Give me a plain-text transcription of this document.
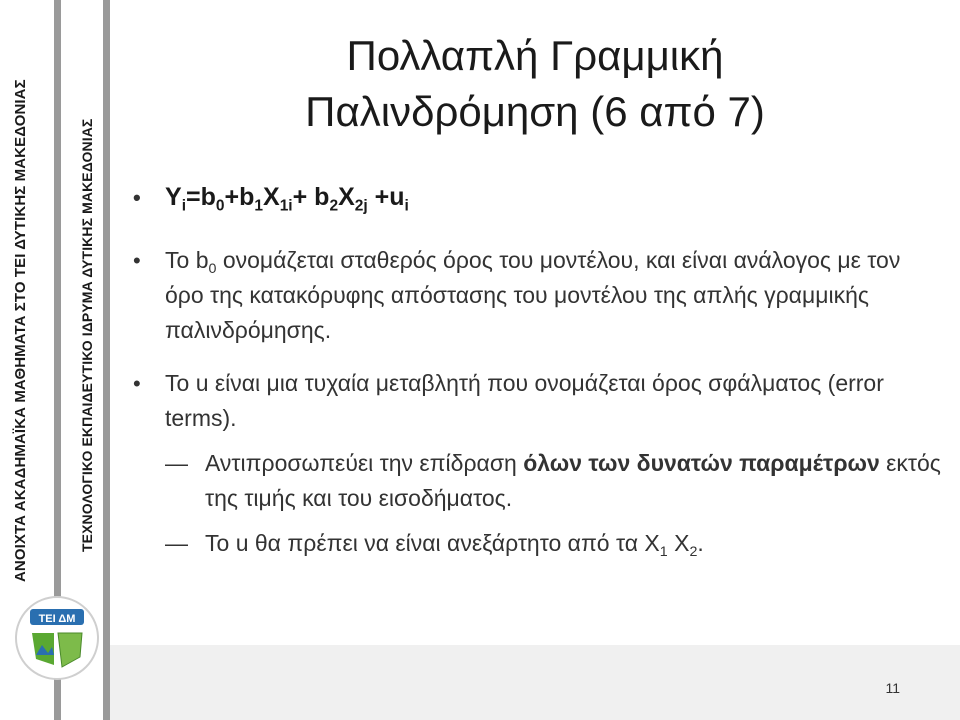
ΑΝΟΙΧΤΑ ΑΚΑΔΗΜΑΪΚΑ ΜΑΘΗΜΑΤΑ ΣΤΟ ΤΕΙ ΔΥΤΙΚΗΣ ΜΑΚΕΔΟΝΙΑΣ	ΤΕΧΝΟΛΟΓΙΚΟ ΕΚΠΑΙΔΕΥΤΙΚΟ ΙΔΡΥΜΑ ΔΥΤΙΚΗΣ ΜΑΚΕΔΟΝΙΑΣ
ΤΕΙ ΔΜ
11
Πολλαπλή Γραμμική
Παλινδρόμηση (6 από 7)
• $Y_i=b_0+b_1X_{1i}+ b_2X_{2j} +u_i$
• Το $b_0$ ονομάζεται σταθερός όρος του μοντέλου, και είναι ανάλογος με τον όρο της κατακόρυφης απόστασης του μοντέλου της απλής γραμμικής παλινδρόμησης.
• Το u είναι μια τυχαία μεταβλητή που ονομάζεται όρος σφάλματος (error terms).
— Αντιπροσωπεύει την επίδραση όλων των δυνατών παραμέτρων εκτός της τιμής και του εισοδήματος.
— Το u θα πρέπει να είναι ανεξάρτητο από τα $X_1$ $X_2$.
